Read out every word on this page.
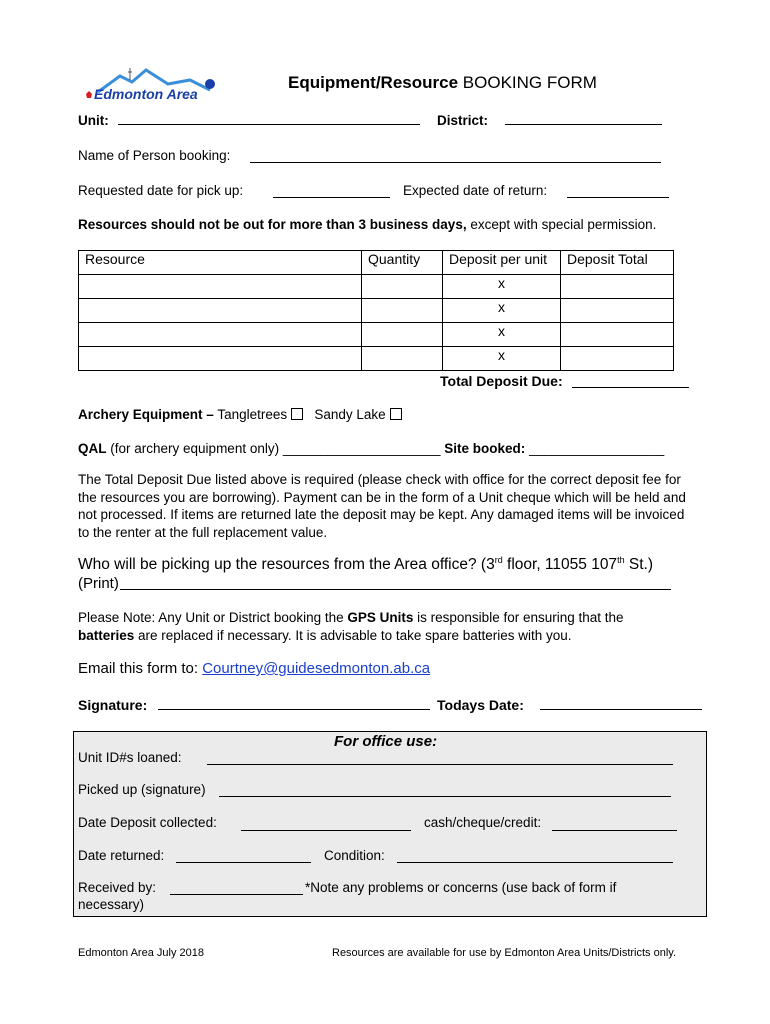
Edmonton Area
Equipment/Resource BOOKING FORM
Unit:	District:
Name of Person booking:
Requested date for pick up:	Expected date of return:
Resources should not be out for more than 3 business days, except with special permission.
Resource	Quantity	Deposit per unit	Deposit Total
		x	
		x	
		x	
		x	
Total Deposit Due:
Archery Equipment – Tangletrees Sandy Lake
QAL (for archery equipment only) _____________________ Site booked: __________________
The Total Deposit Due listed above is required (please check with office for the correct deposit fee for the resources you are borrowing). Payment can be in the form of a Unit cheque which will be held and not processed. If items are returned late the deposit may be kept. Any damaged items will be invoiced to the renter at the full replacement value.
Who will be picking up the resources from the Area office? (3rd floor, 11055 107th St.)
(Print)
Please Note: Any Unit or District booking the GPS Units is responsible for ensuring that the
batteries are replaced if necessary. It is advisable to take spare batteries with you.
Email this form to: Courtney@guidesedmonton.ab.ca
Signature:	Todays Date:
For office use:
Unit ID#s loaned:
Picked up (signature)
Date Deposit collected:	cash/cheque/credit:
Date returned:	Condition:
Received by:	*Note any problems or concerns (use back of form if
necessary)
Edmonton Area July 2018	Resources are available for use by Edmonton Area Units/Districts only.
